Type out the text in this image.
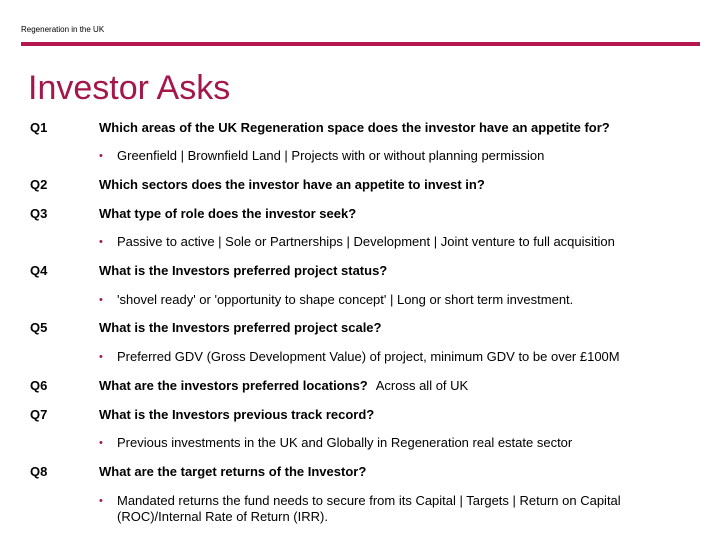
Regeneration in the UK
Investor Asks
Q1	Which areas of the UK Regeneration space does the investor have an appetite for?
• Greenfield | Brownfield Land | Projects with or without planning permission
Q2	Which sectors does the investor have an appetite to invest in?
Q3	What type of role does the investor seek?
• Passive to active | Sole or Partnerships | Development | Joint venture to full acquisition
Q4	What is the Investors preferred project status?
• 'shovel ready' or 'opportunity to shape concept' | Long or short term investment.
Q5	What is the Investors preferred project scale?
• Preferred GDV (Gross Development Value) of project, minimum GDV to be over £100M
Q6	What are the investors preferred locations? Across all of UK
Q7	What is the Investors previous track record?
• Previous investments in the UK and Globally in Regeneration real estate sector
Q8	What are the target returns of the Investor?
• Mandated returns the fund needs to secure from its Capital | Targets | Return on Capital (ROC)/Internal Rate of Return (IRR).
